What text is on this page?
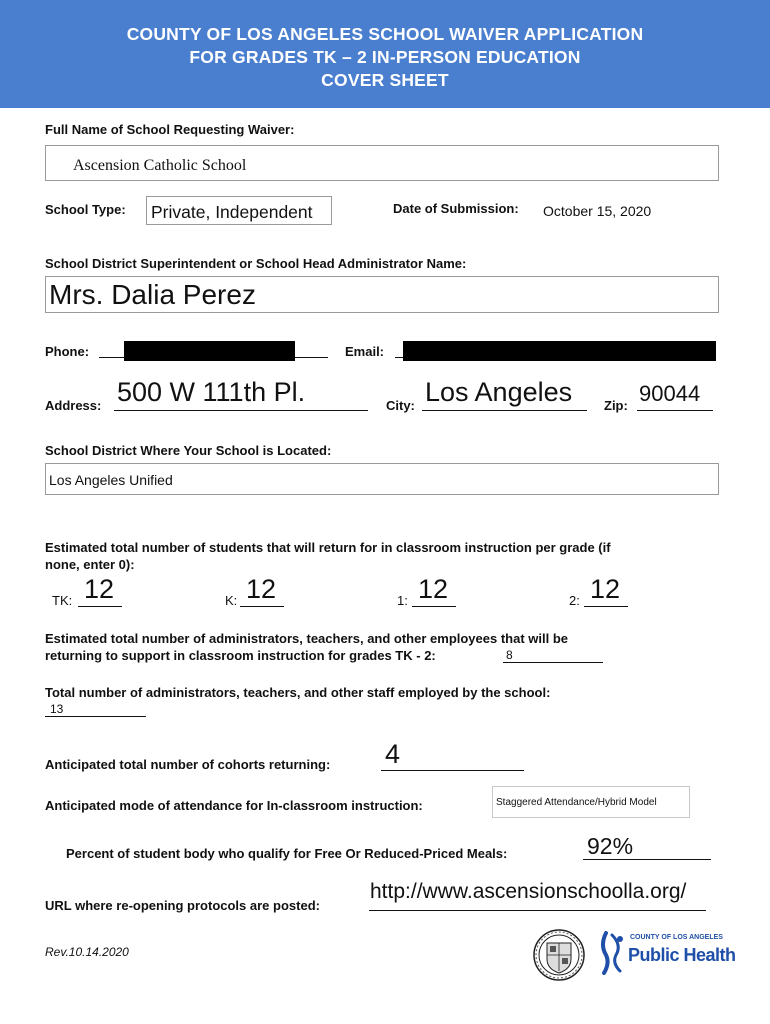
COUNTY OF LOS ANGELES SCHOOL WAIVER APPLICATION
FOR GRADES TK – 2 IN-PERSON EDUCATION
COVER SHEET
Full Name of School Requesting Waiver:
Ascension Catholic School
School Type: Private, Independent	Date of Submission: October 15, 2020
School District Superintendent or School Head Administrator Name:
Mrs. Dalia Perez
Phone:	Email:
Address: 500 W 111th Pl.	City: Los Angeles Zip: 90044
School District Where Your School is Located:
Los Angeles Unified
Estimated total number of students that will return for in classroom instruction per grade (if
none, enter 0):
TK: 12	K: 12	1: 12	2: 12
Estimated total number of administrators, teachers, and other employees that will be
returning to support in classroom instruction for grades TK - 2:	8
Total number of administrators, teachers, and other staff employed by the school:
13
Anticipated total number of cohorts returning: 4
Anticipated mode of attendance for In-classroom instruction:	Staggered Attendance/Hybrid Model
Percent of student body who qualify for Free Or Reduced-Priced Meals:	92%
URL where re-opening protocols are posted:
http://www.ascensionschoolla.org/
Rev.10.14.2020
COUNTY OF LOS ANGELES
Public Health
